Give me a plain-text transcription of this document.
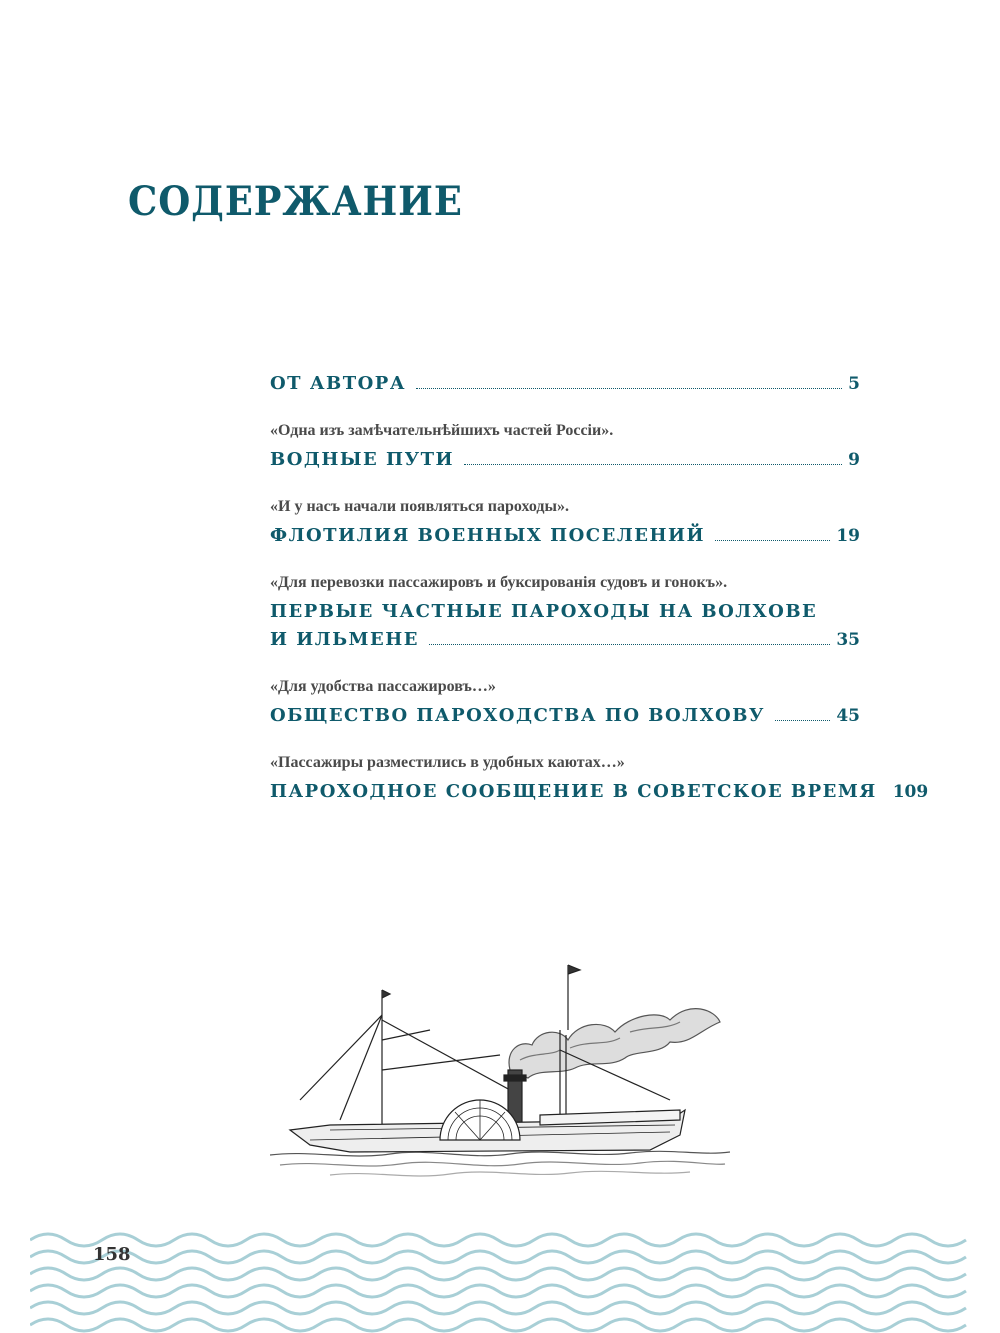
СОДЕРЖАНИЕ
ОТ АВТОРА	5
«Одна изъ замѣчательнѣйшихъ частей Россіи».
ВОДНЫЕ ПУТИ	9
«И у насъ начали появляться пароходы».
ФЛОТИЛИЯ ВОЕННЫХ ПОСЕЛЕНИЙ	19
«Для перевозки пассажировъ и буксированія судовъ и гонокъ».
ПЕРВЫЕ ЧАСТНЫЕ ПАРОХОДЫ НА ВОЛХОВЕ
И ИЛЬМЕНЕ	35
«Для удобства пассажировъ…»
ОБЩЕСТВО ПАРОХОДСТВА ПО ВОЛХОВУ	45
«Пассажиры разместились в удобных каютах…»
ПАРОХОДНОЕ СООБЩЕНИЕ В СОВЕТСКОЕ ВРЕМЯ 109
158
